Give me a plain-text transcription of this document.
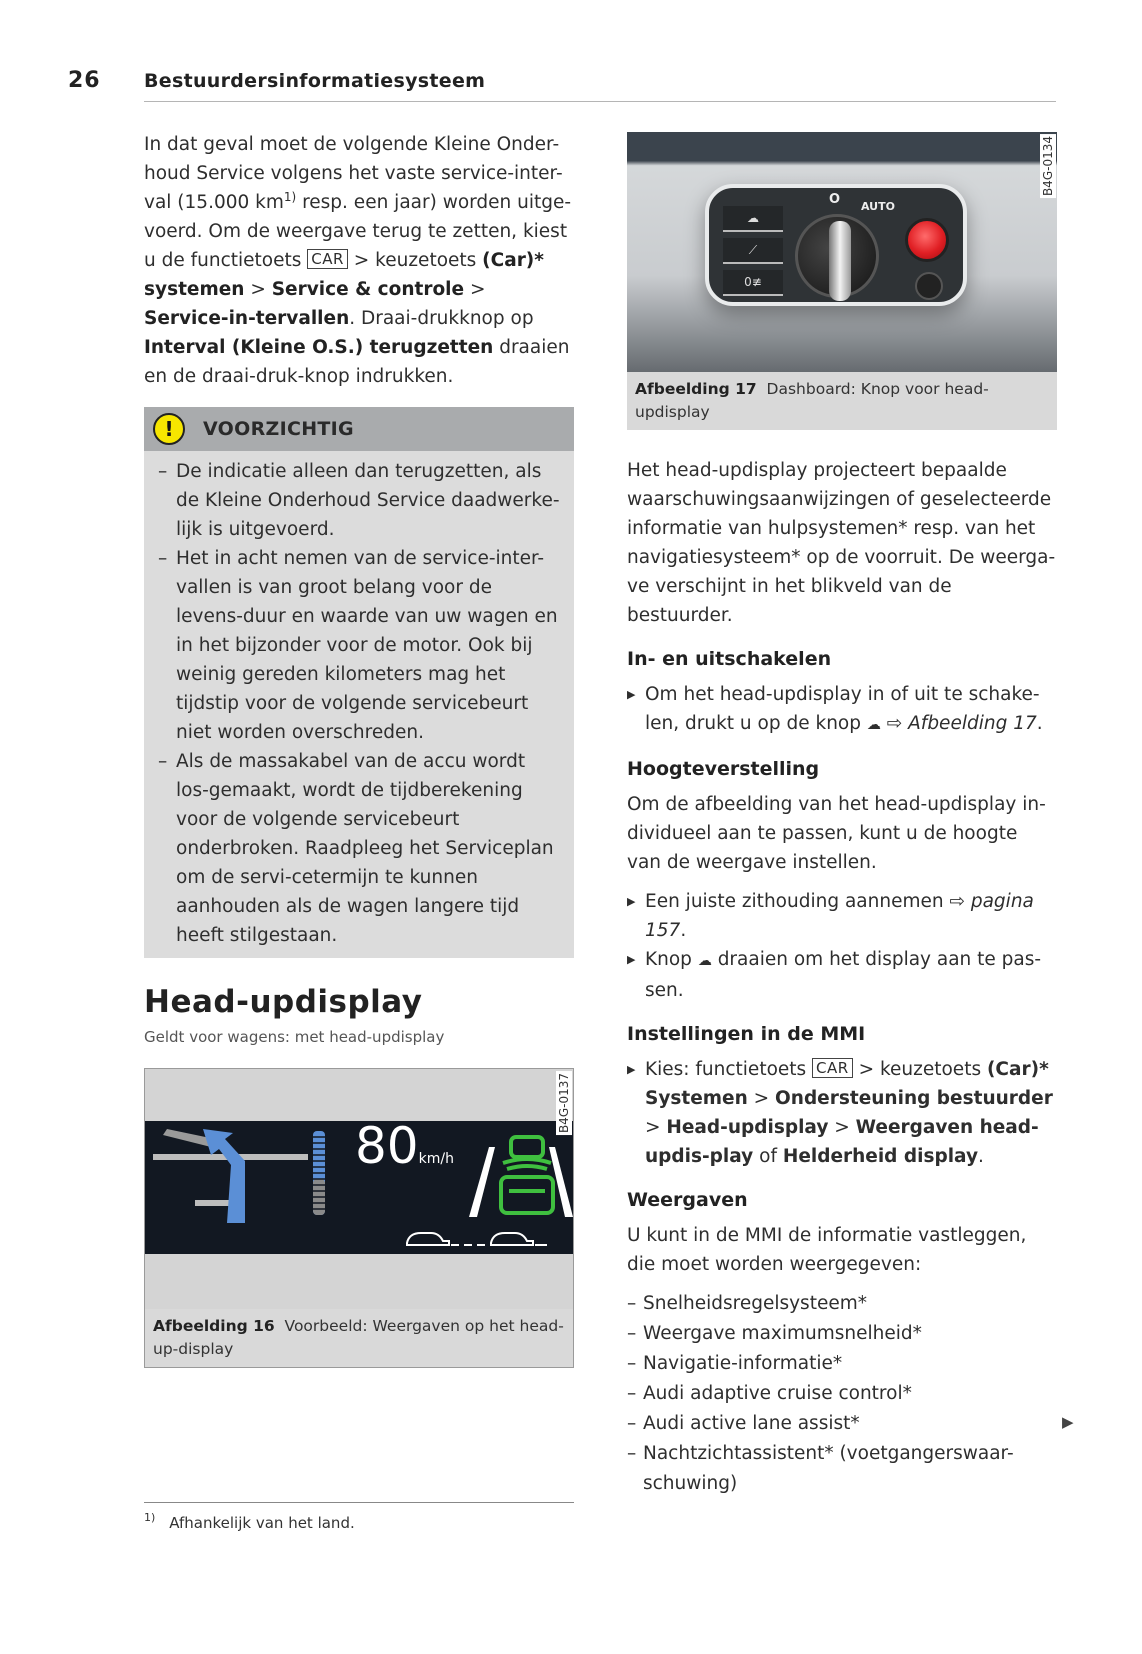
26 Bestuurdersinformatiesysteem

In dat geval moet de volgende Kleine Onder-houd Service volgens het vaste service-inter-val (15.000 $km^{1)}$ resp. een jaar) worden uitge-voerd. Om de weergave terug te zetten, kiest u de functietoets CAR > keuzetoets (Car)* systemen > Service & controle > Service-in-tervallen. Draai-drukknop op Interval (Kleine O.S.) terugzetten draaien en de draai-druk-knop indrukken.

!	VOORZICHTIG
– De indicatie alleen dan terugzetten, als de Kleine Onderhoud Service daadwerke-lijk is uitgevoerd.
– Het in acht nemen van de service-inter-vallen is van groot belang voor de levens-duur en waarde van uw wagen en in het bijzonder voor de motor. Ook bij weinig gereden kilometers mag het tijdstip voor de volgende servicebeurt niet worden overschreden.
– Als de massakabel van de accu wordt los-gemaakt, wordt de tijdberekening voor de volgende servicebeurt onderbroken. Raadpleeg het Serviceplan om de servi-cetermijn te kunnen aanhouden als de wagen langere tijd heeft stilgestaan.
Head-updisplay
Geldt voor wagens: met head-updisplay
80km/h
B4G-0137
Afbeelding 16 Voorbeeld: Weergaven op het head-up-display
☁
⟋
0≢
O AUTO
B4G-0134
Afbeelding 17 Dashboard: Knop voor head-updisplay

Het head-updisplay projecteert bepaalde waarschuwingsaanwijzingen of geselecteerde informatie van hulpsystemen* resp. van het navigatiesysteem* op de voorruit. De weerga-ve verschijnt in het blikveld van de bestuurder.

In- en uitschakelen
▶ Om het head-updisplay in of uit te schake-len, drukt u op de knop ☁ ⇨ Afbeelding 17.
Hoogteverstelling

Om de afbeelding van het head-updisplay in-dividueel aan te passen, kunt u de hoogte van de weergave instellen.

▶ Een juiste zithouding aannemen ⇨ pagina 157.
▶ Knop ☁ draaien om het display aan te pas-sen.
Instellingen in de MMI
▶ Kies: functietoets CAR > keuzetoets (Car)* Systemen > Ondersteuning bestuurder > Head-updisplay > Weergaven head-updis-play of Helderheid display.
Weergaven

U kunt in de MMI de informatie vastleggen, die moet worden weergegeven:

– Snelheidsregelsysteem*
– Weergave maximumsnelheid*
– Navigatie-informatie*
– Audi adaptive cruise control*
– Audi active lane assist*
– Nachtzichtassistent* (voetgangerswaar-schuwing)
▶
$^{1)}$ Afhankelijk van het land.
